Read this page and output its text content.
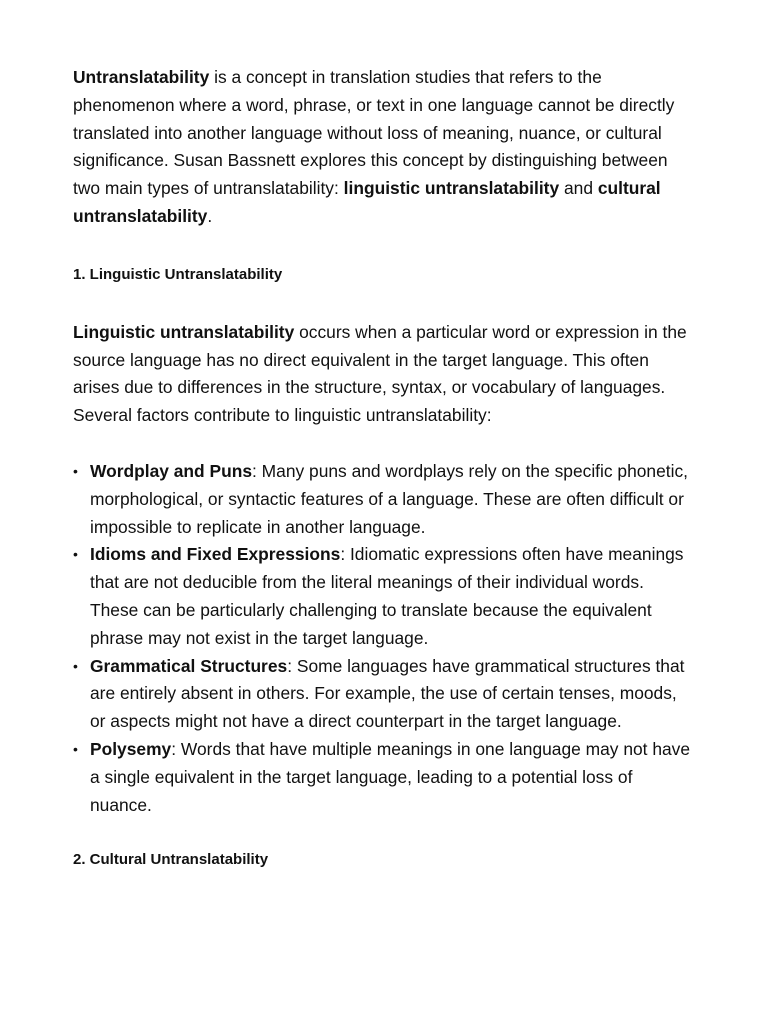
Untranslatability is a concept in translation studies that refers to the phenomenon where a word, phrase, or text in one language cannot be directly translated into another language without loss of meaning, nuance, or cultural significance. Susan Bassnett explores this concept by distinguishing between two main types of untranslatability: linguistic untranslatability and cultural untranslatability.

1. Linguistic Untranslatability

Linguistic untranslatability occurs when a particular word or expression in the source language has no direct equivalent in the target language. This often arises due to differences in the structure, syntax, or vocabulary of languages. Several factors contribute to linguistic untranslatability:

• Wordplay and Puns: Many puns and wordplays rely on the specific phonetic, morphological, or syntactic features of a language. These are often difficult or impossible to replicate in another language.
• Idioms and Fixed Expressions: Idiomatic expressions often have meanings that are not deducible from the literal meanings of their individual words. These can be particularly challenging to translate because the equivalent phrase may not exist in the target language.
• Grammatical Structures: Some languages have grammatical structures that are entirely absent in others. For example, the use of certain tenses, moods, or aspects might not have a direct counterpart in the target language.
• Polysemy: Words that have multiple meanings in one language may not have a single equivalent in the target language, leading to a potential loss of nuance.
2. Cultural Untranslatability
